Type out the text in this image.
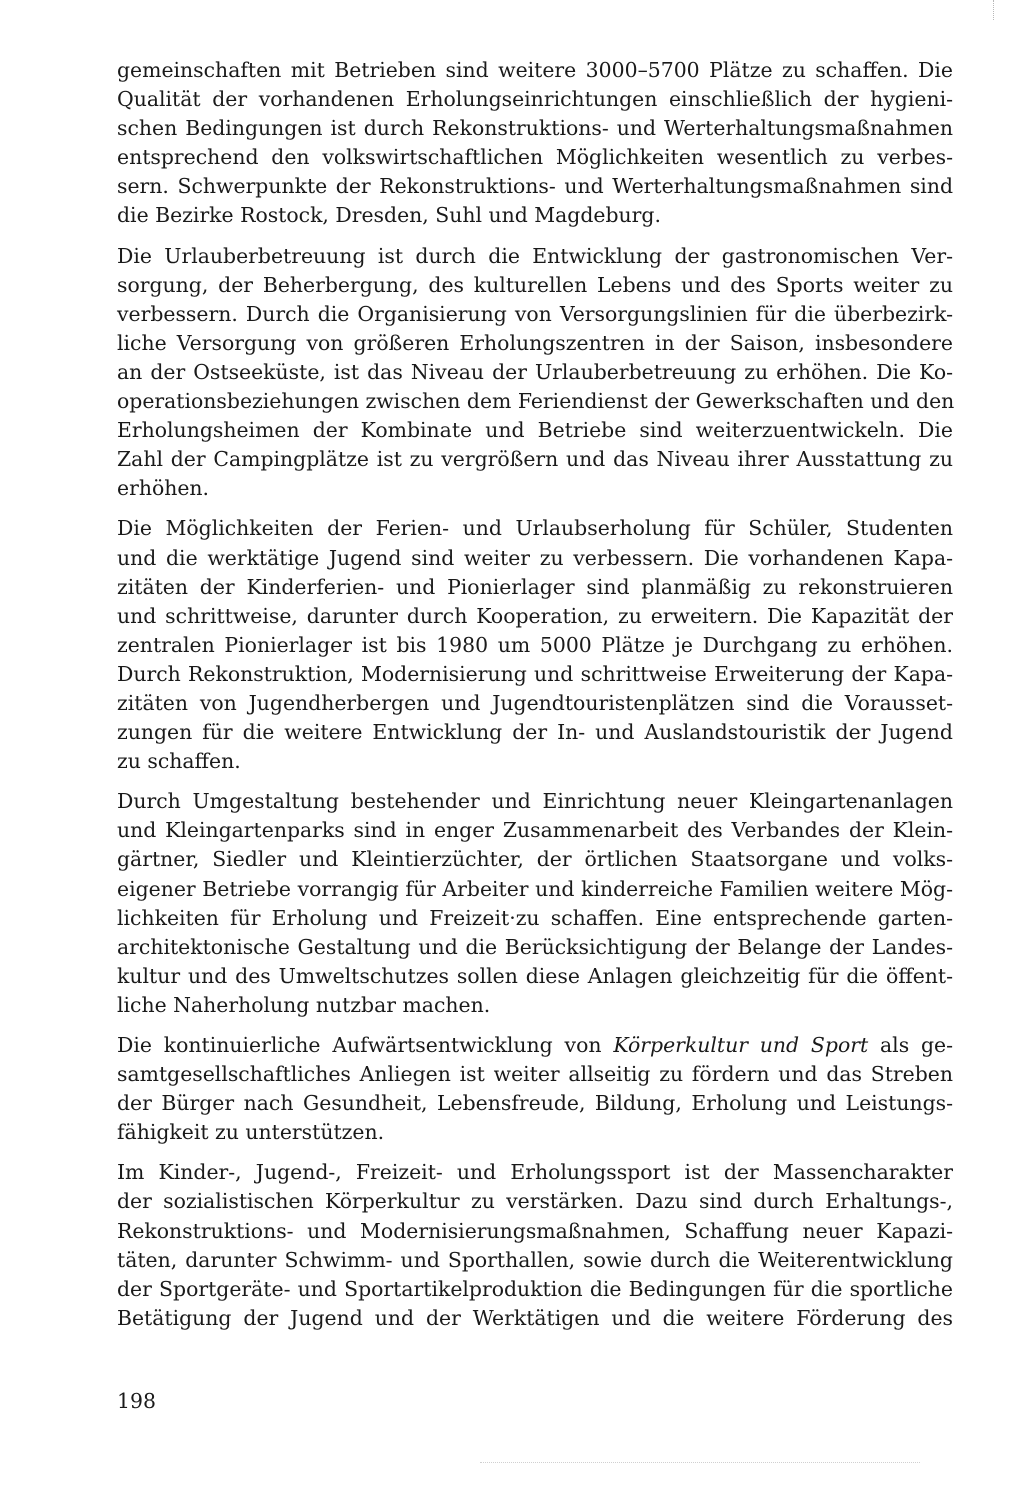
gemeinschaften mit Betrieben sind weitere 3000–5700 Plätze zu schaffen. Die
Qualität der vorhandenen Erholungseinrichtungen einschließlich der hygieni-
schen Bedingungen ist durch Rekonstruktions- und Werterhaltungsmaßnahmen
entsprechend den volkswirtschaftlichen Möglichkeiten wesentlich zu verbes-
sern. Schwerpunkte der Rekonstruktions- und Werterhaltungsmaßnahmen sind
die Bezirke Rostock, Dresden, Suhl und Magdeburg.
Die Urlauberbetreuung ist durch die Entwicklung der gastronomischen Ver-
sorgung, der Beherbergung, des kulturellen Lebens und des Sports weiter zu
verbessern. Durch die Organisierung von Versorgungslinien für die überbezirk-
liche Versorgung von größeren Erholungszentren in der Saison, insbesondere
an der Ostseeküste, ist das Niveau der Urlauberbetreuung zu erhöhen. Die Ko-
operationsbeziehungen zwischen dem Feriendienst der Gewerkschaften und den
Erholungsheimen der Kombinate und Betriebe sind weiterzuentwickeln. Die
Zahl der Campingplätze ist zu vergrößern und das Niveau ihrer Ausstattung zu
erhöhen.
Die Möglichkeiten der Ferien- und Urlaubserholung für Schüler, Studenten
und die werktätige Jugend sind weiter zu verbessern. Die vorhandenen Kapa-
zitäten der Kinderferien- und Pionierlager sind planmäßig zu rekonstruieren
und schrittweise, darunter durch Kooperation, zu erweitern. Die Kapazität der
zentralen Pionierlager ist bis 1980 um 5000 Plätze je Durchgang zu erhöhen.
Durch Rekonstruktion, Modernisierung und schrittweise Erweiterung der Kapa-
zitäten von Jugendherbergen und Jugendtouristenplätzen sind die Vorausset-
zungen für die weitere Entwicklung der In- und Auslandstouristik der Jugend
zu schaffen.
Durch Umgestaltung bestehender und Einrichtung neuer Kleingartenanlagen
und Kleingartenparks sind in enger Zusammenarbeit des Verbandes der Klein-
gärtner, Siedler und Kleintierzüchter, der örtlichen Staatsorgane und volks-
eigener Betriebe vorrangig für Arbeiter und kinderreiche Familien weitere Mög-
lichkeiten für Erholung und Freizeit·zu schaffen. Eine entsprechende garten-
architektonische Gestaltung und die Berücksichtigung der Belange der Landes-
kultur und des Umweltschutzes sollen diese Anlagen gleichzeitig für die öffent-
liche Naherholung nutzbar machen.
Die kontinuierliche Aufwärtsentwicklung von Körperkultur und Sport als ge-
samtgesellschaftliches Anliegen ist weiter allseitig zu fördern und das Streben
der Bürger nach Gesundheit, Lebensfreude, Bildung, Erholung und Leistungs-
fähigkeit zu unterstützen.
Im Kinder-, Jugend-, Freizeit- und Erholungssport ist der Massencharakter
der sozialistischen Körperkultur zu verstärken. Dazu sind durch Erhaltungs-,
Rekonstruktions- und Modernisierungsmaßnahmen, Schaffung neuer Kapazi-
täten, darunter Schwimm- und Sporthallen, sowie durch die Weiterentwicklung
der Sportgeräte- und Sportartikelproduktion die Bedingungen für die sportliche
Betätigung der Jugend und der Werktätigen und die weitere Förderung des
198
